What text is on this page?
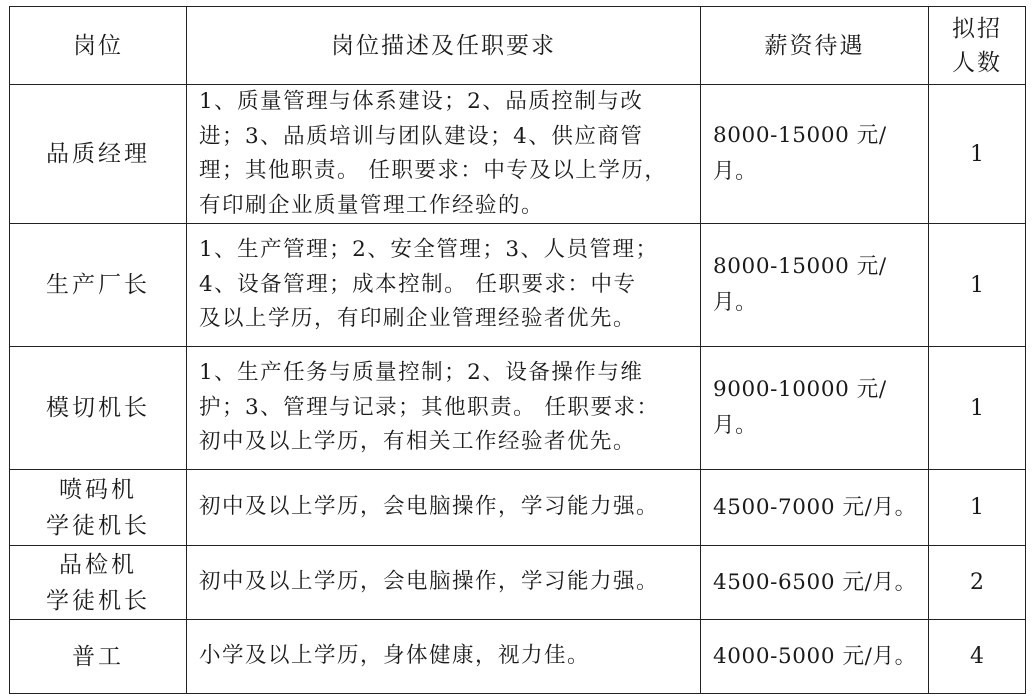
岗位	岗位描述及任职要求	薪资待遇	拟招
人数

品质经理	1、质量管理与体系建设；2、品质控制与改
进；3、品质培训与团队建设；4、供应商管
理；其他职责。 任职要求：中专及以上学历，
有印刷企业质量管理工作经验的。	8000-15000 元/
月。	1

生产厂长	1、生产管理；2、安全管理；3、人员管理；
4、设备管理；成本控制。 任职要求：中专
及以上学历，有印刷企业管理经验者优先。	8000-15000 元/
月。	1

模切机长	1、生产任务与质量控制；2、设备操作与维
护；3、管理与记录；其他职责。 任职要求：
初中及以上学历，有相关工作经验者优先。	9000-10000 元/
月。	1

喷码机
学徒机长	初中及以上学历，会电脑操作，学习能力强。	4500-7000 元/月。	1

品检机
学徒机长	初中及以上学历，会电脑操作，学习能力强。	4500-6500 元/月。	2

普工	小学及以上学历，身体健康，视力佳。	4000-5000 元/月。	4
